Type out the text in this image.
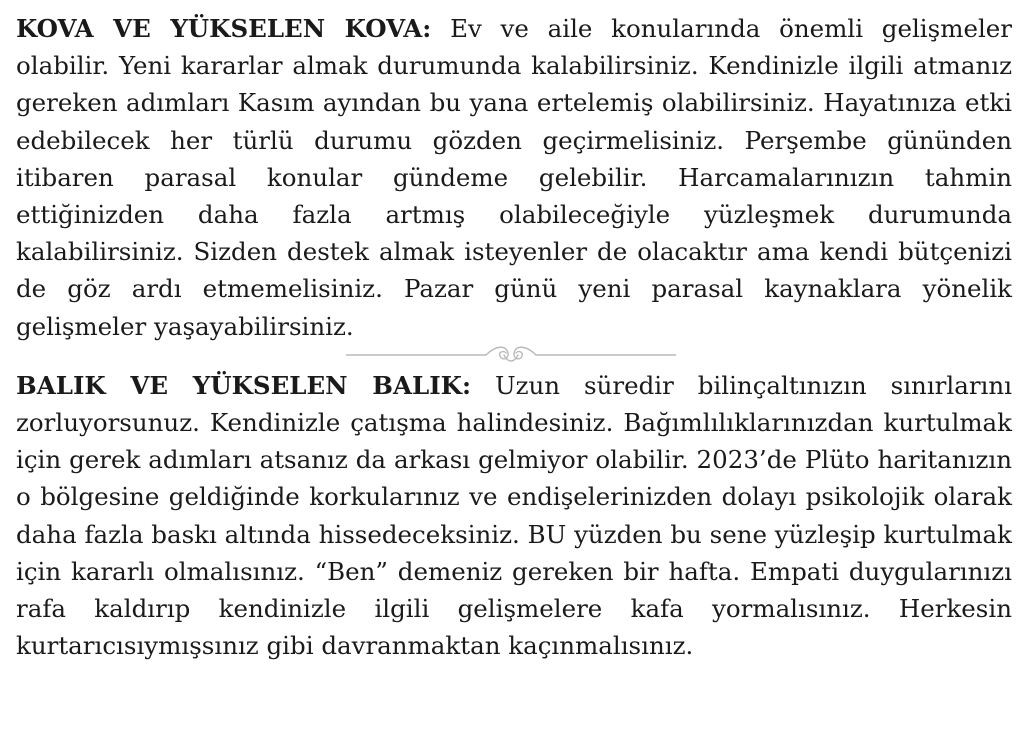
KOVA VE YÜKSELEN KOVA: Ev ve aile konularında önemli gelişmeler olabilir. Yeni kararlar almak durumunda kalabilirsiniz. Kendinizle ilgili atmanız gereken adımları Kasım ayından bu yana ertelemiş olabilirsiniz. Hayatınıza etki edebilecek her türlü durumu gözden geçirmelisiniz. Perşembe gününden itibaren parasal konular gündeme gelebilir. Harcamalarınızın tahmin ettiğinizden daha fazla artmış olabileceğiyle yüzleşmek durumunda kalabilirsiniz. Sizden destek almak isteyenler de olacaktır ama kendi bütçenizi de göz ardı etmemelisiniz. Pazar günü yeni parasal kaynaklara yönelik gelişmeler yaşayabilirsiniz.

BALIK VE YÜKSELEN BALIK: Uzun süredir bilinçaltınızın sınırlarını zorluyorsunuz. Kendinizle çatışma halindesiniz. Bağımlılıklarınızdan kurtulmak için gerek adımları atsanız da arkası gelmiyor olabilir. 2023’de Plüto haritanızın o bölgesine geldiğinde korkularınız ve endişelerinizden dolayı psikolojik olarak daha fazla baskı altında hissedeceksiniz. BU yüzden bu sene yüzleşip kurtulmak için kararlı olmalısınız. “Ben” demeniz gereken bir hafta. Empati duygularınızı rafa kaldırıp kendinizle ilgili gelişmelere kafa yormalısınız. Herkesin kurtarıcısıymışsınız gibi davranmaktan kaçınmalısınız.
